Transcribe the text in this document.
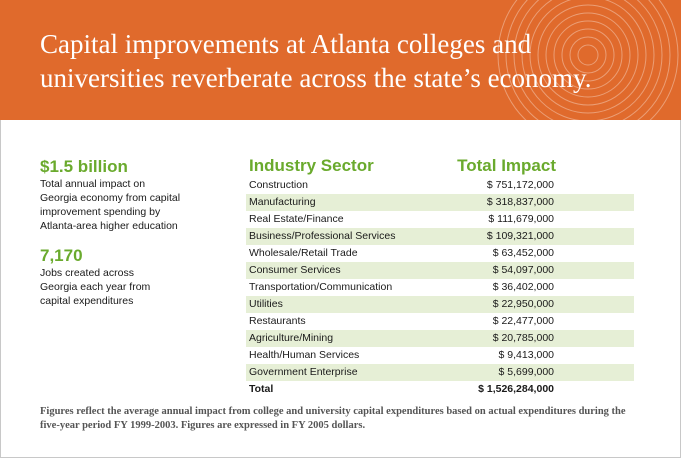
Capital improvements at Atlanta colleges and
universities reverberate across the state’s economy.
$1.5 billion
Total annual impact on
Georgia economy from capital
improvement spending by
Atlanta-area higher education
7,170
Jobs created across
Georgia each year from
capital expenditures
Industry Sector	Total Impact
Construction	$ 751,172,000
Manufacturing	$ 318,837,000
Real Estate/Finance	$ 111,679,000
Business/Professional Services	$ 109,321,000
Wholesale/Retail Trade	$ 63,452,000
Consumer Services	$ 54,097,000
Transportation/Communication	$ 36,402,000
Utilities	$ 22,950,000
Restaurants	$ 22,477,000
Agriculture/Mining	$ 20,785,000
Health/Human Services	$ 9,413,000
Government Enterprise	$ 5,699,000
Total	$ 1,526,284,000
Figures reflect the average annual impact from college and university capital expenditures based on actual expenditures during the
five-year period FY 1999-2003. Figures are expressed in FY 2005 dollars.
